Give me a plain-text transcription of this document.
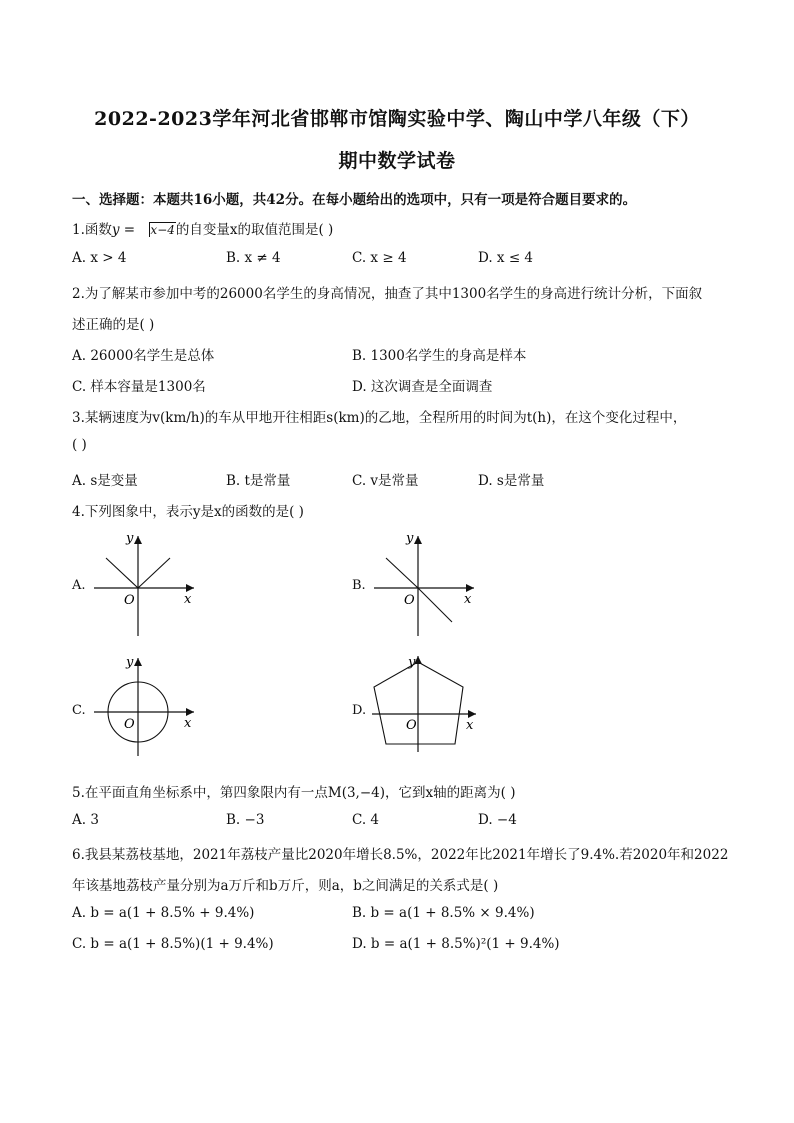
2022-2023学年河北省邯郸市馆陶实验中学、陶山中学八年级（下）
期中数学试卷
一、选择题：本题共16小题，共42分。在每小题给出的选项中，只有一项是符合题目要求的。
1.函数y = x−4的自变量x的取值范围是( )
A. x > 4	B. x ≠ 4	C. x ≥ 4	D. x ≤ 4
2.为了解某市参加中考的26000名学生的身高情况，抽查了其中1300名学生的身高进行统计分析，下面叙
述正确的是( )
A. 26000名学生是总体	B. 1300名学生的身高是样本
C. 样本容量是1300名	D. 这次调查是全面调查
3.某辆速度为v(km/h)的车从甲地开往相距s(km)的乙地，全程所用的时间为t(h)，在这个变化过程中，
( )
A. s是变量	B. t是常量	C. v是常量	D. s是常量
4.下列图象中，表示y是x的函数的是( )
A.
y
x
O
B.
y
x
O
C.
y
x
O
D.
y
x
O
5.在平面直角坐标系中，第四象限内有一点M(3,−4)，它到x轴的距离为( )
A. 3	B. −3	C. 4	D. −4
6.我县某荔枝基地，2021年荔枝产量比2020年增长8.5%，2022年比2021年增长了9.4%.若2020年和2022
年该基地荔枝产量分别为a万斤和b万斤，则a，b之间满足的关系式是( )
A. b = a(1 + 8.5% + 9.4%)	B. b = a(1 + 8.5% × 9.4%)
C. b = a(1 + 8.5%)(1 + 9.4%)	D. b = a(1 + 8.5%)²(1 + 9.4%)
